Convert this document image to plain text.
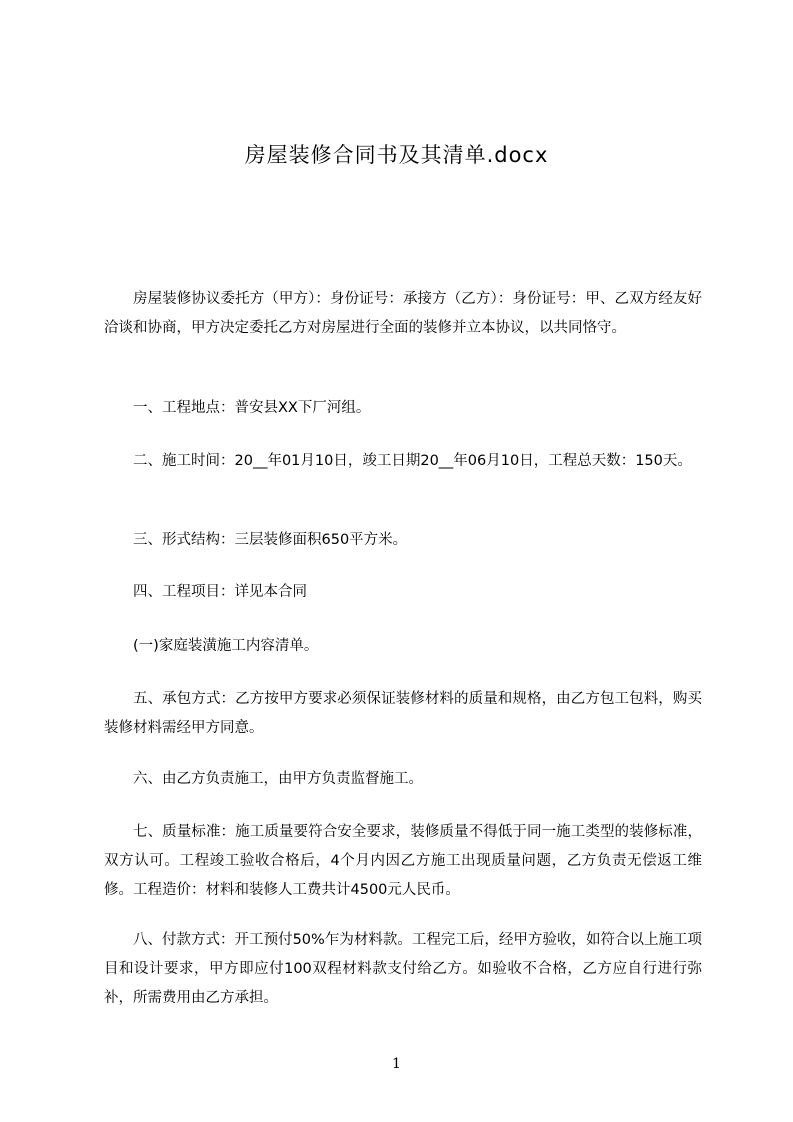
房屋装修合同书及其清单.docx

房屋装修协议委托方（甲方）：身份证号：承接方（乙方）：身份证号：甲、乙双方经友好洽谈和协商，甲方决定委托乙方对房屋进行全面的装修并立本协议，以共同恪守。

一、工程地点：普安县XX下厂河组。

二、施工时间：20__年01月10日，竣工日期20__年06月10日，工程总天数：150天。

三、形式结构：三层装修面积650平方米。

四、工程项目：详见本合同

(一)家庭装潢施工内容清单。

五、承包方式：乙方按甲方要求必须保证装修材料的质量和规格，由乙方包工包料，购买装修材料需经甲方同意。

六、由乙方负责施工，由甲方负责监督施工。

七、质量标准：施工质量要符合安全要求，装修质量不得低于同一施工类型的装修标准，双方认可。工程竣工验收合格后，4个月内因乙方施工出现质量问题，乙方负责无偿返工维修。工程造价：材料和装修人工费共计4500元人民币。

八、付款方式：开工预付50%乍为材料款。工程完工后，经甲方验收，如符合以上施工项目和设计要求，甲方即应付100双程材料款支付给乙方。如验收不合格，乙方应自行进行弥补，所需费用由乙方承担。

1
